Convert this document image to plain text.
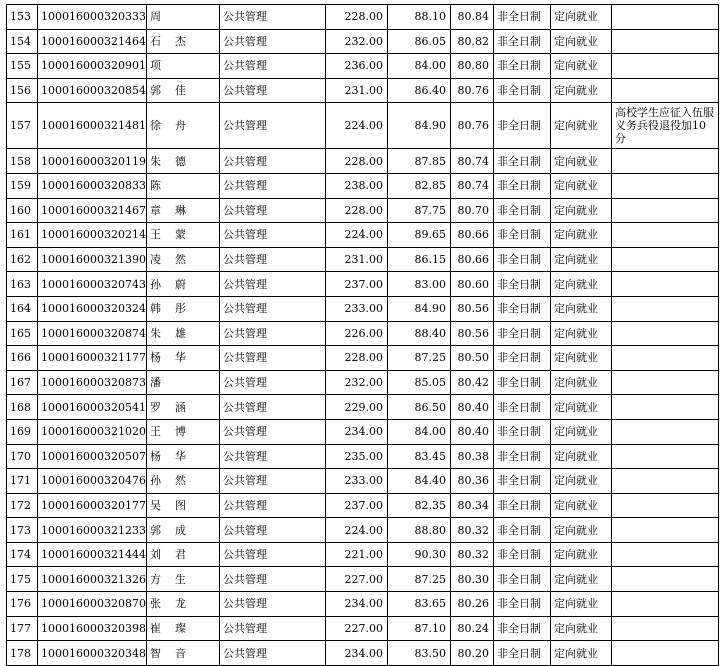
153	100016000320333	周	公共管理	228.00	88.10	80.84	非全日制	定向就业	
154	100016000321464	石 杰	公共管理	232.00	86.05	80.82	非全日制	定向就业	
155	100016000320901	项	公共管理	236.00	84.00	80.80	非全日制	定向就业	
156	100016000320854	郭 佳	公共管理	231.00	86.40	80.76	非全日制	定向就业	
157	100016000321481	徐 舟	公共管理	224.00	84.90	80.76	非全日制	定向就业	高校学生应征入伍服义务兵役退役加10分
158	100016000320119	朱 德	公共管理	228.00	87.85	80.74	非全日制	定向就业	
159	100016000320833	陈	公共管理	238.00	82.85	80.74	非全日制	定向就业	
160	100016000321467	章 琳	公共管理	228.00	87.75	80.70	非全日制	定向就业	
161	100016000320214	王 蒙	公共管理	224.00	89.65	80.66	非全日制	定向就业	
162	100016000321390	凌 然	公共管理	231.00	86.15	80.66	非全日制	定向就业	
163	100016000320743	孙 蔚	公共管理	237.00	83.00	80.60	非全日制	定向就业	
164	100016000320324	韩 彤	公共管理	233.00	84.90	80.56	非全日制	定向就业	
165	100016000320874	朱 雄	公共管理	226.00	88.40	80.56	非全日制	定向就业	
166	100016000321177	杨 华	公共管理	228.00	87.25	80.50	非全日制	定向就业	
167	100016000320873	潘	公共管理	232.00	85.05	80.42	非全日制	定向就业	
168	100016000320541	罗 涵	公共管理	229.00	86.50	80.40	非全日制	定向就业	
169	100016000321020	王 博	公共管理	234.00	84.00	80.40	非全日制	定向就业	
170	100016000320507	杨 华	公共管理	235.00	83.45	80.38	非全日制	定向就业	
171	100016000320476	孙 然	公共管理	233.00	84.40	80.36	非全日制	定向就业	
172	100016000320177	吴 图	公共管理	237.00	82.35	80.34	非全日制	定向就业	
173	100016000321233	郭 成	公共管理	224.00	88.80	80.32	非全日制	定向就业	
174	100016000321444	刘 君	公共管理	221.00	90.30	80.32	非全日制	定向就业	
175	100016000321326	方 生	公共管理	227.00	87.25	80.30	非全日制	定向就业	
176	100016000320870	张 龙	公共管理	234.00	83.65	80.26	非全日制	定向就业	
177	100016000320398	崔 璨	公共管理	227.00	87.10	80.24	非全日制	定向就业	
178	100016000320348	智 音	公共管理	234.00	83.50	80.20	非全日制	定向就业	
